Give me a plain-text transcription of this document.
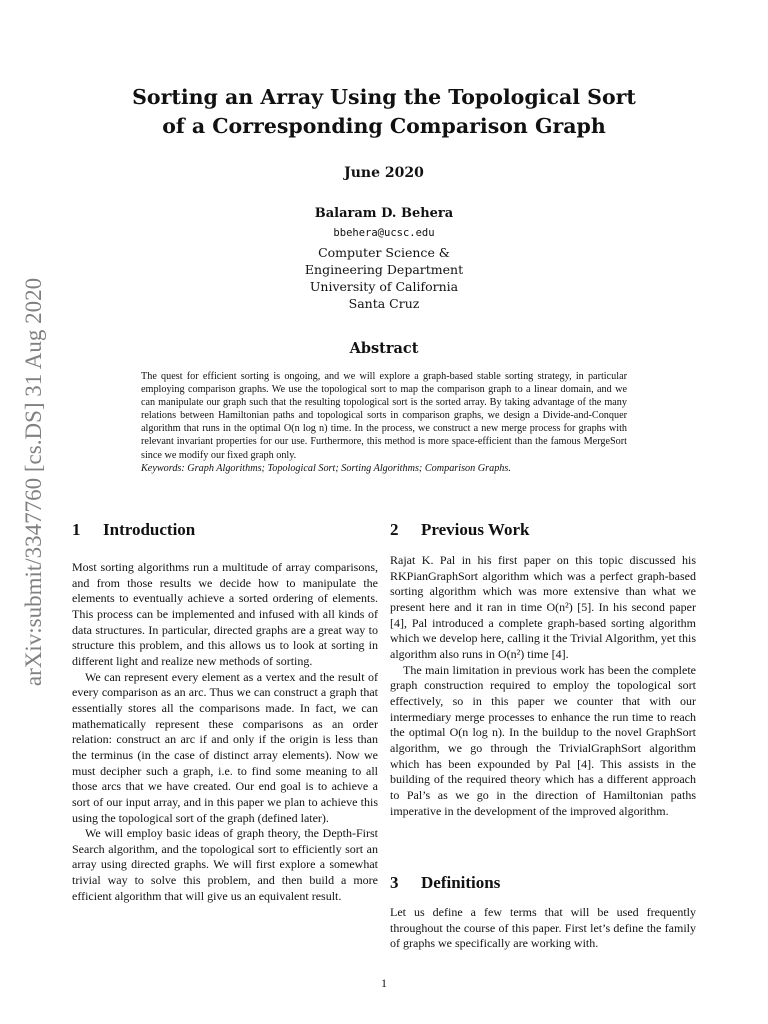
arXiv:submit/3347760 [cs.DS] 31 Aug 2020
Sorting an Array Using the Topological Sort
of a Corresponding Comparison Graph
June 2020
Balaram D. Behera
bbehera@ucsc.edu
Computer Science &
Engineering Department
University of California
Santa Cruz
Abstract

The quest for efficient sorting is ongoing, and we will explore a graph-based stable sorting strategy, in particular employing comparison graphs. We use the topological sort to map the comparison graph to a linear domain, and we can manipulate our graph such that the resulting topological sort is the sorted array. By taking advantage of the many relations between Hamiltonian paths and topological sorts in comparison graphs, we design a Divide-and-Conquer algorithm that runs in the optimal O(n log n) time. In the process, we construct a new merge process for graphs with relevant invariant properties for our use. Furthermore, this method is more space-efficient than the famous MergeSort since we modify our fixed graph only.

Keywords: Graph Algorithms; Topological Sort; Sorting Algorithms; Comparison Graphs.

1 Introduction

Most sorting algorithms run a multitude of array comparisons, and from those results we decide how to manipulate the elements to eventually achieve a sorted ordering of elements. This process can be implemented and infused with all kinds of data structures. In particular, directed graphs are a great way to structure this problem, and this allows us to look at sorting in different light and realize new methods of sorting.

We can represent every element as a vertex and the result of every comparison as an arc. Thus we can construct a graph that essentially stores all the comparisons made. In fact, we can mathematically represent these comparisons as an order relation: construct an arc if and only if the origin is less than the terminus (in the case of distinct array elements). Now we must decipher such a graph, i.e. to find some meaning to all those arcs that we have created. Our end goal is to achieve a sort of our input array, and in this paper we plan to achieve this using the topological sort of the graph (defined later).

We will employ basic ideas of graph theory, the Depth-First Search algorithm, and the topological sort to efficiently sort an array using directed graphs. We will first explore a somewhat trivial way to solve this problem, and then build a more efficient algorithm that will give us an equivalent result.

2 Previous Work

Rajat K. Pal in his first paper on this topic discussed his RKPianGraphSort algorithm which was a perfect graph-based sorting algorithm which was more extensive than what we present here and it ran in time O(n²) [5]. In his second paper [4], Pal introduced a complete graph-based sorting algorithm which we develop here, calling it the Trivial Algorithm, yet this algorithm also runs in O(n²) time [4].

The main limitation in previous work has been the complete graph construction required to employ the topological sort effectively, so in this paper we counter that with our intermediary merge processes to enhance the run time to reach the optimal O(n log n). In the buildup to the novel GraphSort algorithm, we go through the TrivialGraphSort algorithm which has been expounded by Pal [4]. This assists in the building of the required theory which has a different approach to Pal’s as we go in the direction of Hamiltonian paths imperative in the development of the improved algorithm.

3 Definitions

Let us define a few terms that will be used frequently throughout the course of this paper. First let’s define the family of graphs we specifically are working with.

1
